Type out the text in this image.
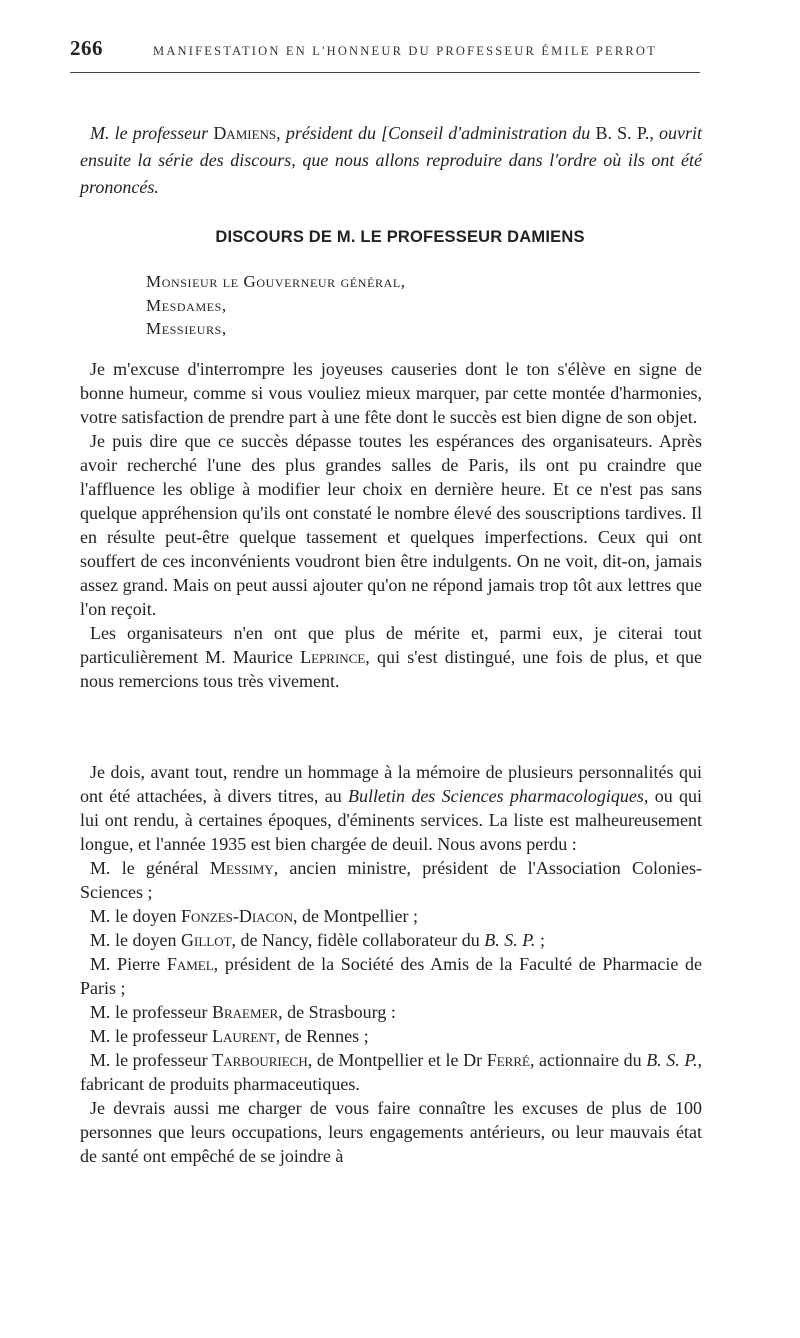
266	MANIFESTATION EN L'HONNEUR DU PROFESSEUR ÉMILE PERROT
M. le professeur Damiens, président du [Conseil d'administration du B. S. P., ouvrit ensuite la série des discours, que nous allons reproduire dans l'ordre où ils ont été prononcés.
DISCOURS DE M. LE PROFESSEUR DAMIENS
Monsieur le Gouverneur général,
Mesdames,
Messieurs,

Je m'excuse d'interrompre les joyeuses causeries dont le ton s'élève en signe de bonne humeur, comme si vous vouliez mieux marquer, par cette montée d'harmonies, votre satisfaction de prendre part à une fête dont le succès est bien digne de son objet.

Je puis dire que ce succès dépasse toutes les espérances des organisateurs. Après avoir recherché l'une des plus grandes salles de Paris, ils ont pu craindre que l'affluence les oblige à modifier leur choix en dernière heure. Et ce n'est pas sans quelque appréhension qu'ils ont constaté le nombre élevé des souscriptions tardives. Il en résulte peut-être quelque tassement et quelques imperfections. Ceux qui ont souffert de ces inconvénients voudront bien être indulgents. On ne voit, dit-on, jamais assez grand. Mais on peut aussi ajouter qu'on ne répond jamais trop tôt aux lettres que l'on reçoit.

Les organisateurs n'en ont que plus de mérite et, parmi eux, je citerai tout particulièrement M. Maurice Leprince, qui s'est distingué, une fois de plus, et que nous remercions tous très vivement.

Je dois, avant tout, rendre un hommage à la mémoire de plusieurs personnalités qui ont été attachées, à divers titres, au Bulletin des Sciences pharmacologiques, ou qui lui ont rendu, à certaines époques, d'éminents services. La liste est malheureusement longue, et l'année 1935 est bien chargée de deuil. Nous avons perdu :

M. le général Messimy, ancien ministre, président de l'Association Colonies-Sciences ;
M. le doyen Fonzes-Diacon, de Montpellier ;
M. le doyen Gillot, de Nancy, fidèle collaborateur du B. S. P. ;
M. Pierre Famel, président de la Société des Amis de la Faculté de Pharmacie de Paris ;
M. le professeur Braemer, de Strasbourg :
M. le professeur Laurent, de Rennes ;
M. le professeur Tarbouriech, de Montpellier et le Dr Ferré, actionnaire du B. S. P., fabricant de produits pharmaceutiques.

Je devrais aussi me charger de vous faire connaître les excuses de plus de 100 personnes que leurs occupations, leurs engagements antérieurs, ou leur mauvais état de santé ont empêché de se joindre à
